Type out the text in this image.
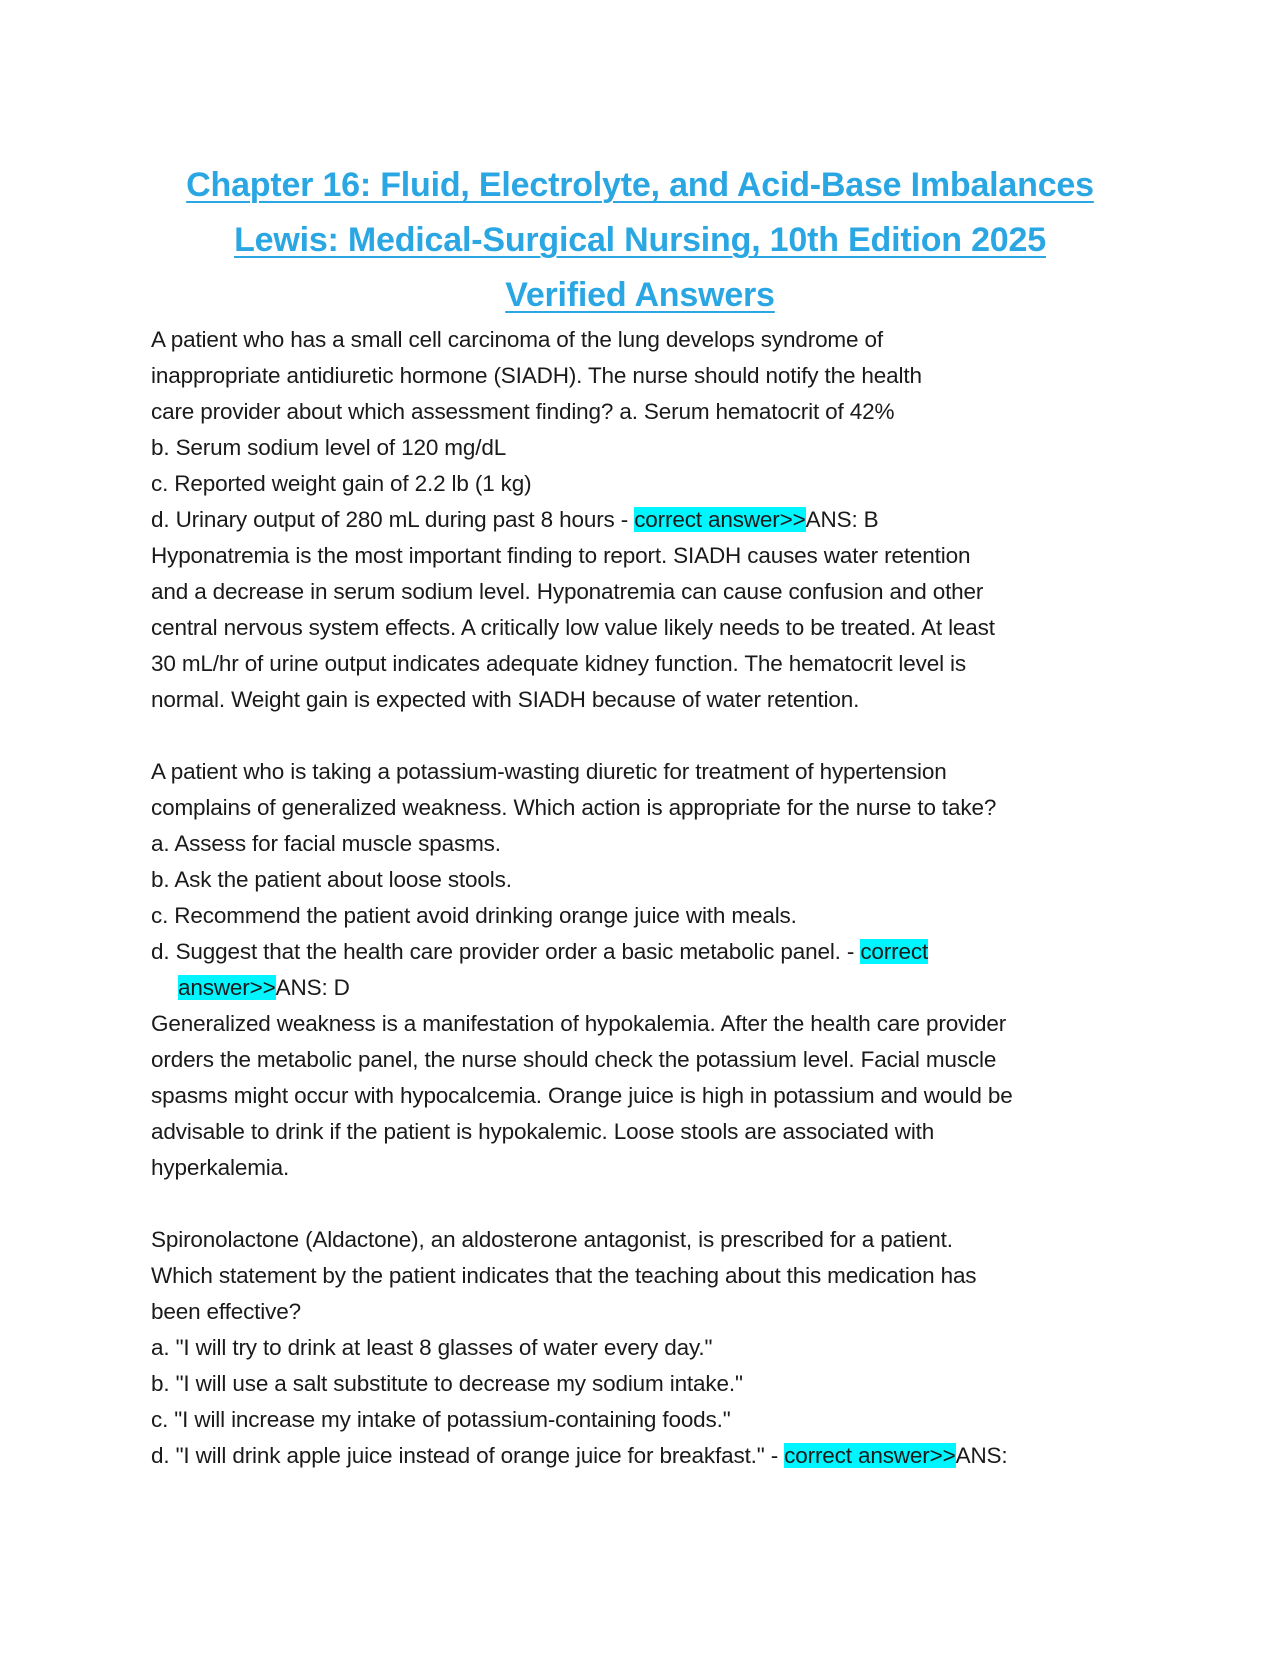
Chapter 16: Fluid, Electrolyte, and Acid-Base Imbalances
Lewis: Medical-Surgical Nursing, 10th Edition 2025
Verified Answers
A patient who has a small cell carcinoma of the lung develops syndrome of
inappropriate antidiuretic hormone (SIADH). The nurse should notify the health
care provider about which assessment finding? a. Serum hematocrit of 42%
b. Serum sodium level of 120 mg/dL
c. Reported weight gain of 2.2 lb (1 kg)
d. Urinary output of 280 mL during past 8 hours - correct answer>>ANS: B
Hyponatremia is the most important finding to report. SIADH causes water retention
and a decrease in serum sodium level. Hyponatremia can cause confusion and other
central nervous system effects. A critically low value likely needs to be treated. At least
30 mL/hr of urine output indicates adequate kidney function. The hematocrit level is
normal. Weight gain is expected with SIADH because of water retention.
A patient who is taking a potassium-wasting diuretic for treatment of hypertension
complains of generalized weakness. Which action is appropriate for the nurse to take?
a. Assess for facial muscle spasms.
b. Ask the patient about loose stools.
c. Recommend the patient avoid drinking orange juice with meals.
d. Suggest that the health care provider order a basic metabolic panel. - correct
answer>>ANS: D
Generalized weakness is a manifestation of hypokalemia. After the health care provider
orders the metabolic panel, the nurse should check the potassium level. Facial muscle
spasms might occur with hypocalcemia. Orange juice is high in potassium and would be
advisable to drink if the patient is hypokalemic. Loose stools are associated with
hyperkalemia.
Spironolactone (Aldactone), an aldosterone antagonist, is prescribed for a patient.
Which statement by the patient indicates that the teaching about this medication has
been effective?
a. "I will try to drink at least 8 glasses of water every day."
b. "I will use a salt substitute to decrease my sodium intake."
c. "I will increase my intake of potassium-containing foods."
d. "I will drink apple juice instead of orange juice for breakfast." - correct answer>>ANS:
